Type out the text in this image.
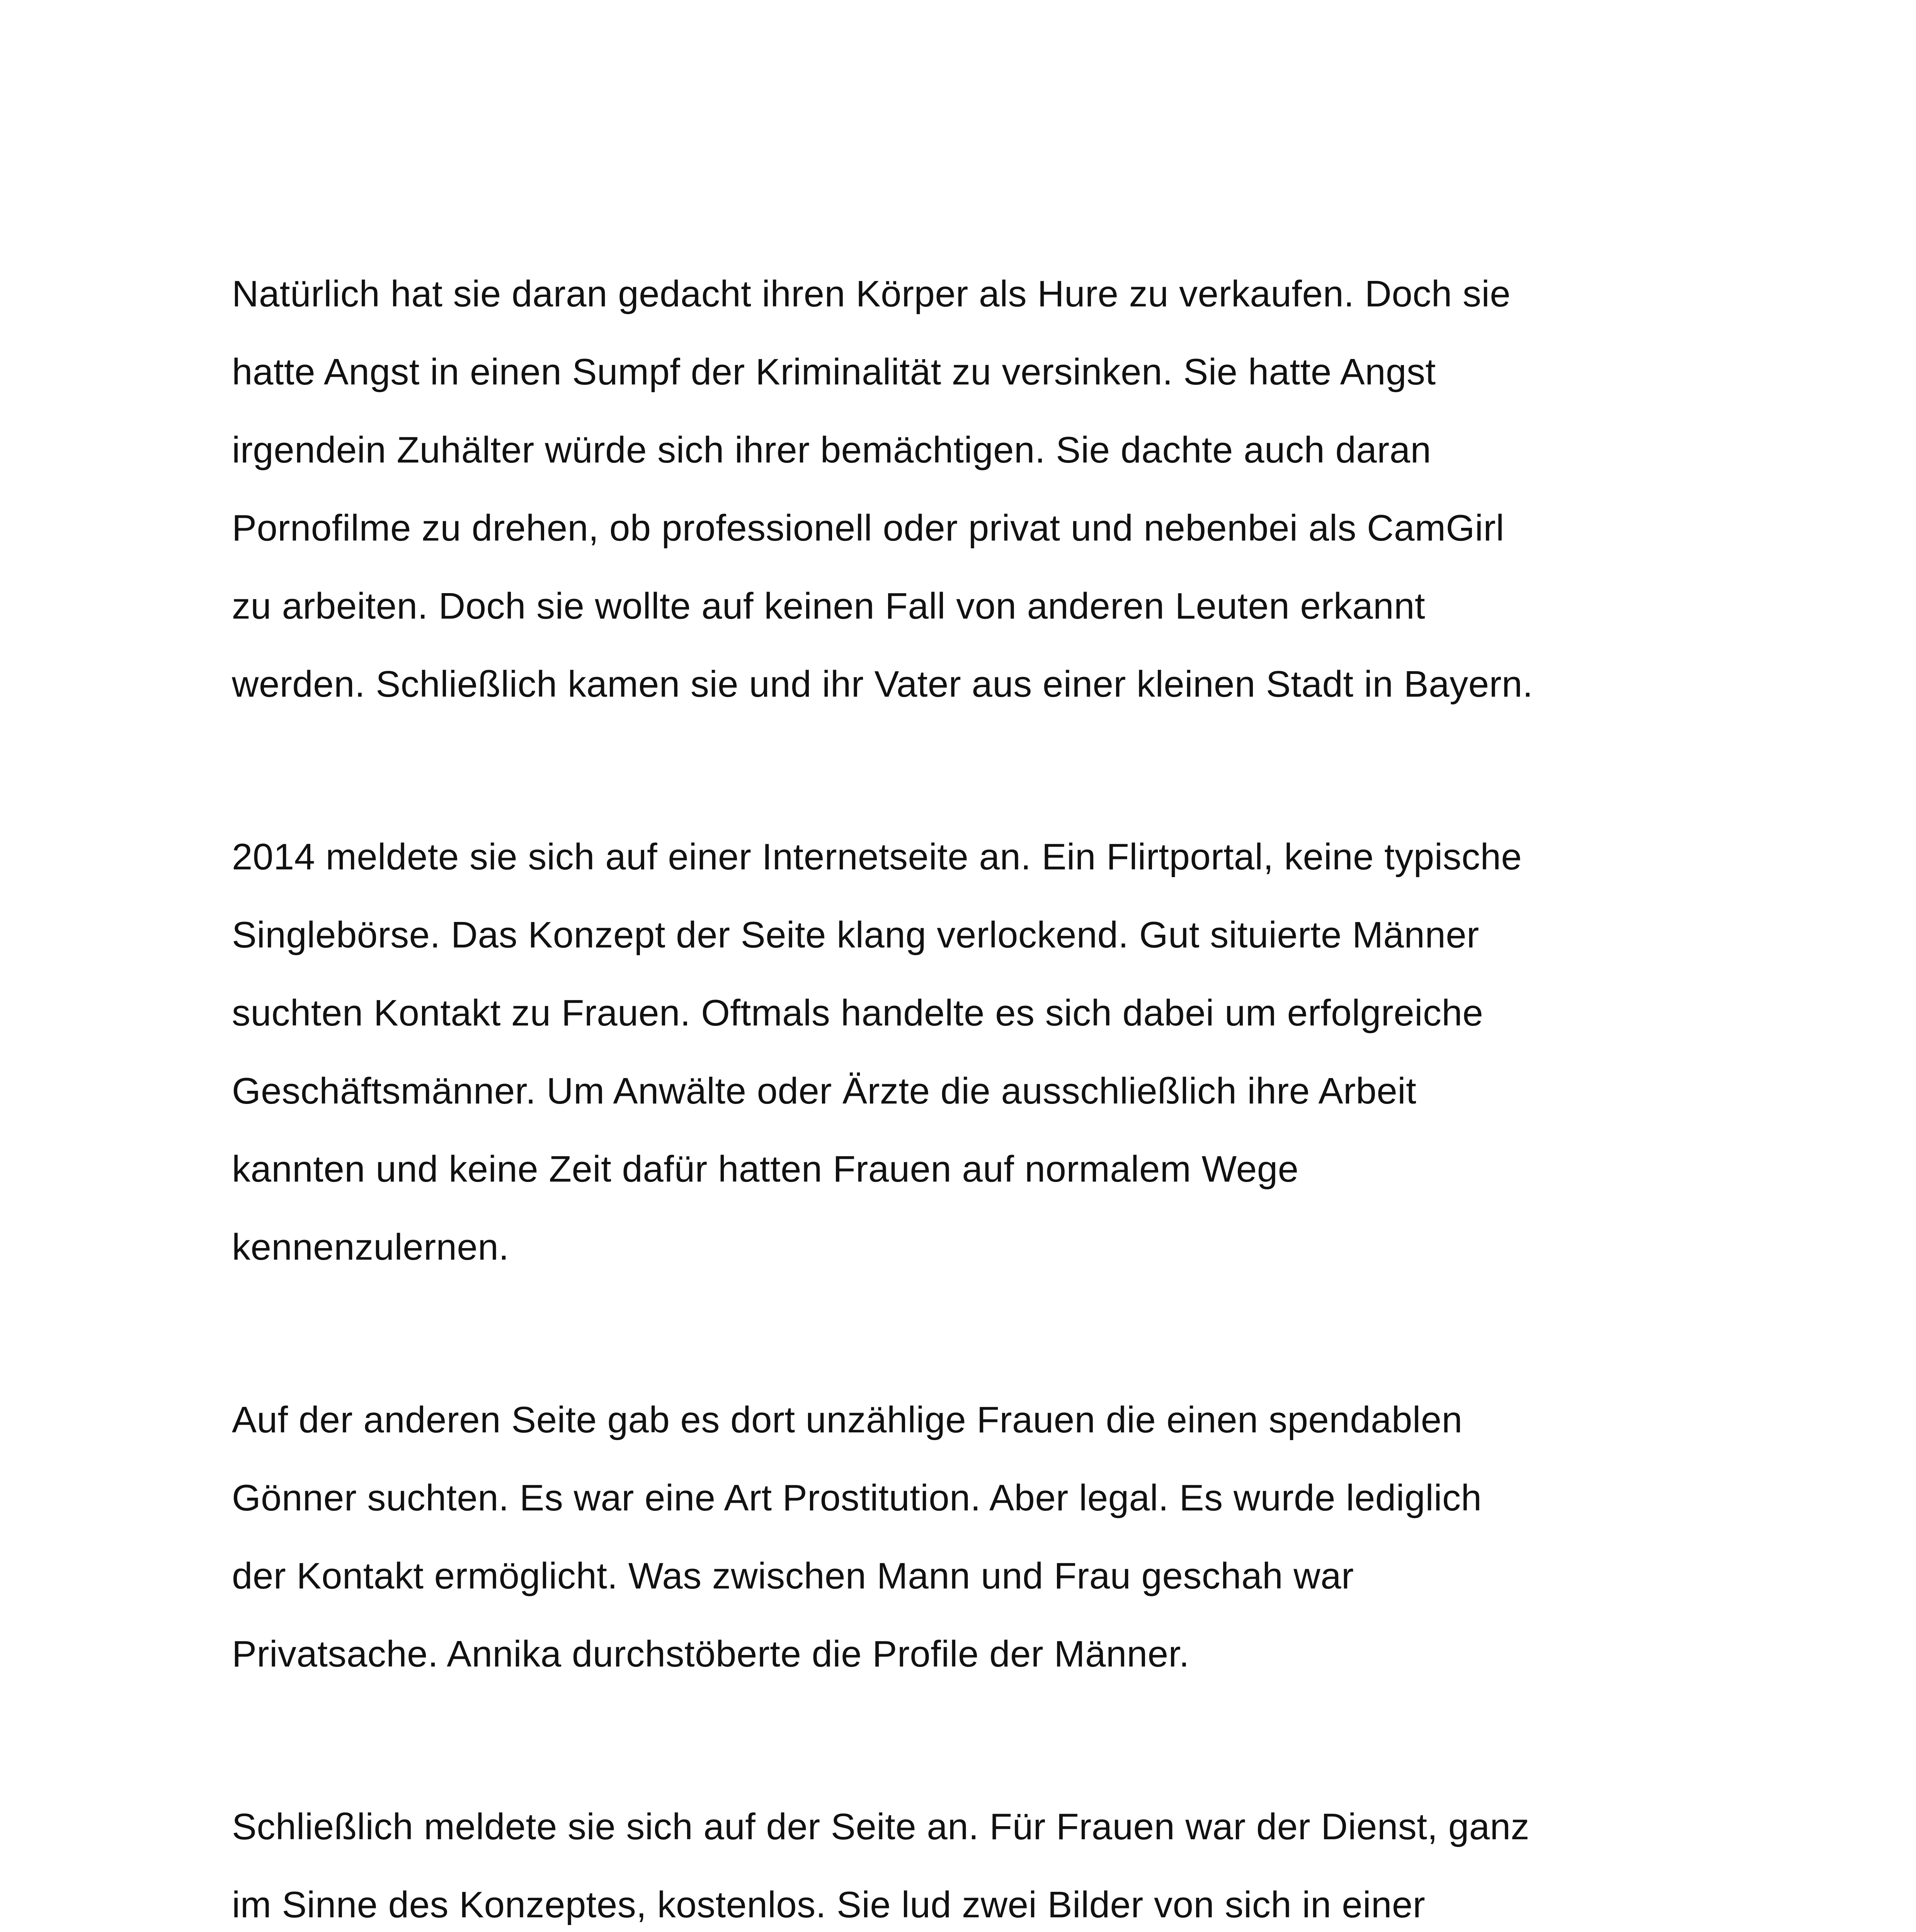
Natürlich hat sie daran gedacht ihren Körper als Hure zu verkaufen. Doch sie
hatte Angst in einen Sumpf der Kriminalität zu versinken. Sie hatte Angst
irgendein Zuhälter würde sich ihrer bemächtigen. Sie dachte auch daran
Pornofilme zu drehen, ob professionell oder privat und nebenbei als CamGirl
zu arbeiten. Doch sie wollte auf keinen Fall von anderen Leuten erkannt
werden. Schließlich kamen sie und ihr Vater aus einer kleinen Stadt in Bayern.

2014 meldete sie sich auf einer Internetseite an. Ein Flirtportal, keine typische
Singlebörse. Das Konzept der Seite klang verlockend. Gut situierte Männer
suchten Kontakt zu Frauen. Oftmals handelte es sich dabei um erfolgreiche
Geschäftsmänner. Um Anwälte oder Ärzte die ausschließlich ihre Arbeit
kannten und keine Zeit dafür hatten Frauen auf normalem Wege
kennenzulernen.

Auf der anderen Seite gab es dort unzählige Frauen die einen spendablen
Gönner suchten. Es war eine Art Prostitution. Aber legal. Es wurde lediglich
der Kontakt ermöglicht. Was zwischen Mann und Frau geschah war
Privatsache. Annika durchstöberte die Profile der Männer.

Schließlich meldete sie sich auf der Seite an. Für Frauen war der Dienst, ganz
im Sinne des Konzeptes, kostenlos. Sie lud zwei Bilder von sich in einer
